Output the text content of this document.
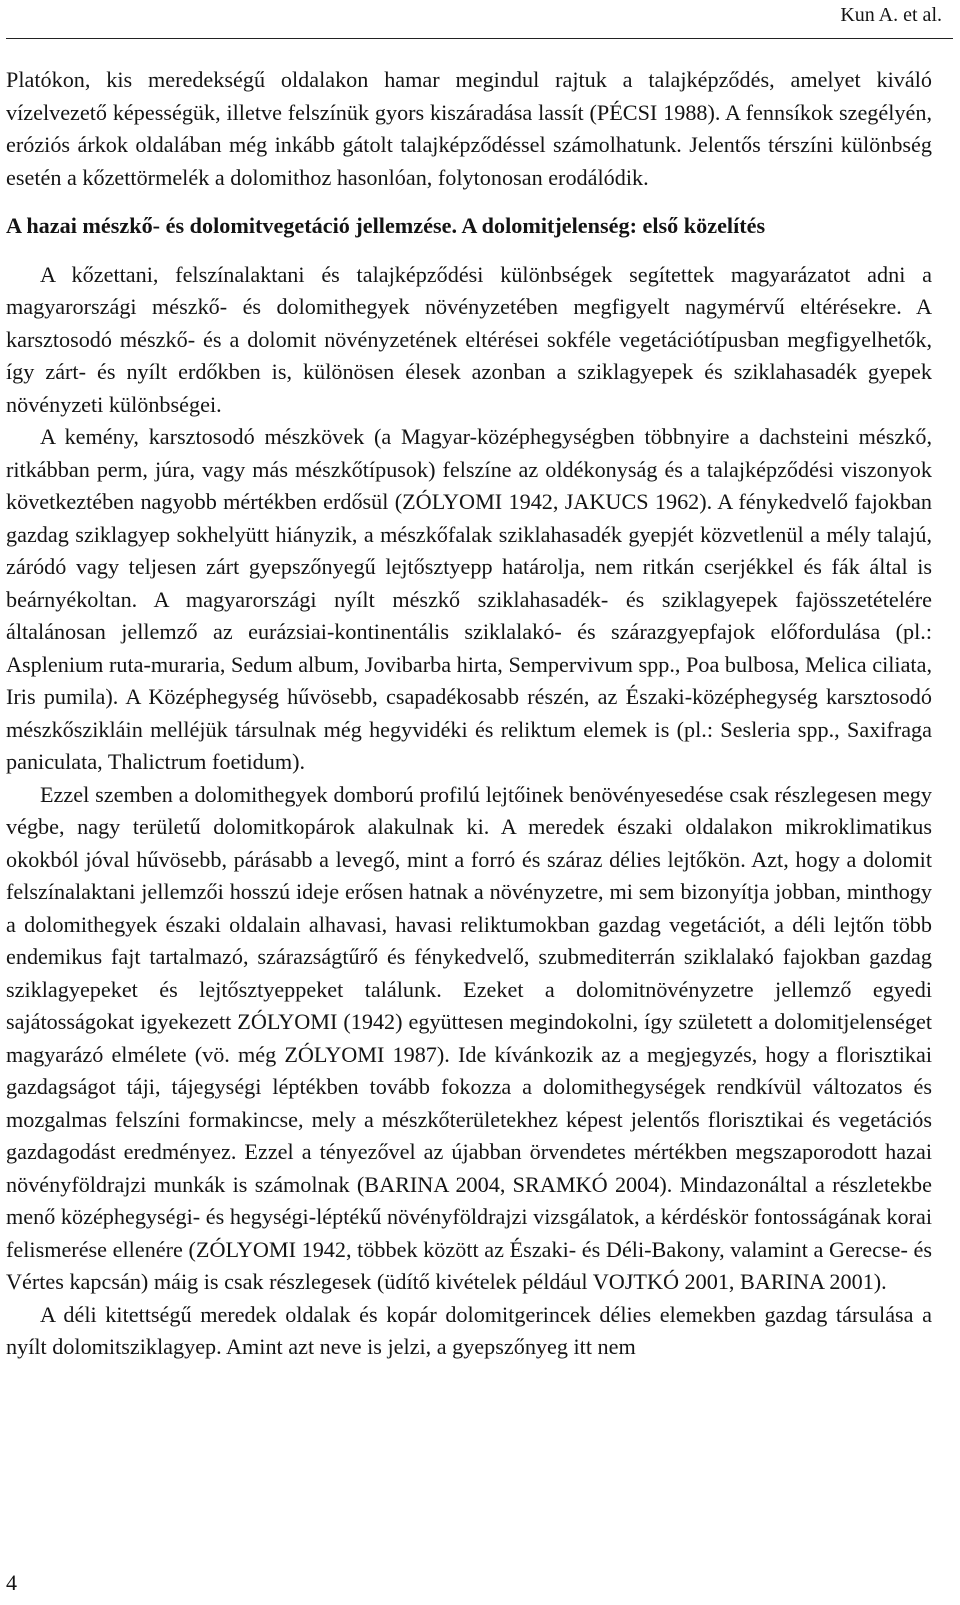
Kun A. et al.

Platókon, kis meredekségű oldalakon hamar megindul rajtuk a talajképződés, amelyet kiváló vízelvezető képességük, illetve felszínük gyors kiszáradása lassít (PÉCSI 1988). A fennsíkok szegélyén, eróziós árkok oldalában még inkább gátolt talajképződéssel számolhatunk. Jelentős térszíni különbség esetén a kőzettörmelék a dolomithoz hasonlóan, folytonosan erodálódik.

A hazai mészkő- és dolomitvegetáció jellemzése. A dolomitjelenség: első közelítés

A kőzettani, felszínalaktani és talajképződési különbségek segítettek magyarázatot adni a magyarországi mészkő- és dolomithegyek növényzetében megfigyelt nagymérvű eltérésekre. A karsztosodó mészkő- és a dolomit növényzetének eltérései sokféle vegetációtípusban megfigyelhetők, így zárt- és nyílt erdőkben is, különösen élesek azonban a sziklagyepek és sziklahasadék gyepek növényzeti különbségei.

A kemény, karsztosodó mészkövek (a Magyar-középhegységben többnyire a dachsteini mészkő, ritkábban perm, júra, vagy más mészkőtípusok) felszíne az oldékonyság és a talajképződési viszonyok következtében nagyobb mértékben erdősül (ZÓLYOMI 1942, JAKUCS 1962). A fénykedvelő fajokban gazdag sziklagyep sokhelyütt hiányzik, a mészkőfalak sziklahasadék gyepjét közvetlenül a mély talajú, záródó vagy teljesen zárt gyepszőnyegű lejtősztyepp határolja, nem ritkán cserjékkel és fák által is beárnyékoltan. A magyarországi nyílt mészkő sziklahasadék- és sziklagyepek fajösszetételére általánosan jellemző az eurázsiai-kontinentális sziklalakó- és szárazgyepfajok előfordulása (pl.: Asplenium ruta-muraria, Sedum album, Jovibarba hirta, Sempervivum spp., Poa bulbosa, Melica ciliata, Iris pumila). A Középhegység hűvösebb, csapadékosabb részén, az Északi-középhegység karsztosodó mészkőszikláin melléjük társulnak még hegyvidéki és reliktum elemek is (pl.: Sesleria spp., Saxifraga paniculata, Thalictrum foetidum).

Ezzel szemben a dolomithegyek domború profilú lejtőinek benövényesedése csak részlegesen megy végbe, nagy területű dolomitkopárok alakulnak ki. A meredek északi oldalakon mikroklimatikus okokból jóval hűvösebb, párásabb a levegő, mint a forró és száraz délies lejtőkön. Azt, hogy a dolomit felszínalaktani jellemzői hosszú ideje erősen hatnak a növényzetre, mi sem bizonyítja jobban, minthogy a dolomithegyek északi oldalain alhavasi, havasi reliktumokban gazdag vegetációt, a déli lejtőn több endemikus fajt tartalmazó, szárazságtűrő és fénykedvelő, szubmediterrán sziklalakó fajokban gazdag sziklagyepeket és lejtősztyeppeket találunk. Ezeket a dolomitnövényzetre jellemző egyedi sajátosságokat igyekezett ZÓLYOMI (1942) együttesen megindokolni, így született a dolomitjelenséget magyarázó elmélete (vö. még ZÓLYOMI 1987). Ide kívánkozik az a megjegyzés, hogy a florisztikai gazdagságot táji, tájegységi léptékben tovább fokozza a dolomithegységek rendkívül változatos és mozgalmas felszíni formakincse, mely a mészkőterületekhez képest jelentős florisztikai és vegetációs gazdagodást eredményez. Ezzel a tényezővel az újabban örvendetes mértékben megszaporodott hazai növényföldrajzi munkák is számolnak (BARINA 2004, SRAMKÓ 2004). Mindazonáltal a részletekbe menő középhegységi- és hegységi-léptékű növényföldrajzi vizsgálatok, a kérdéskör fontosságának korai felismerése ellenére (ZÓLYOMI 1942, többek között az Északi- és Déli-Bakony, valamint a Gerecse- és Vértes kapcsán) máig is csak részlegesek (üdítő kivételek például VOJTKÓ 2001, BARINA 2001).

A déli kitettségű meredek oldalak és kopár dolomitgerincek délies elemekben gazdag társulása a nyílt dolomitsziklagyep. Amint azt neve is jelzi, a gyepszőnyeg itt nem

4
